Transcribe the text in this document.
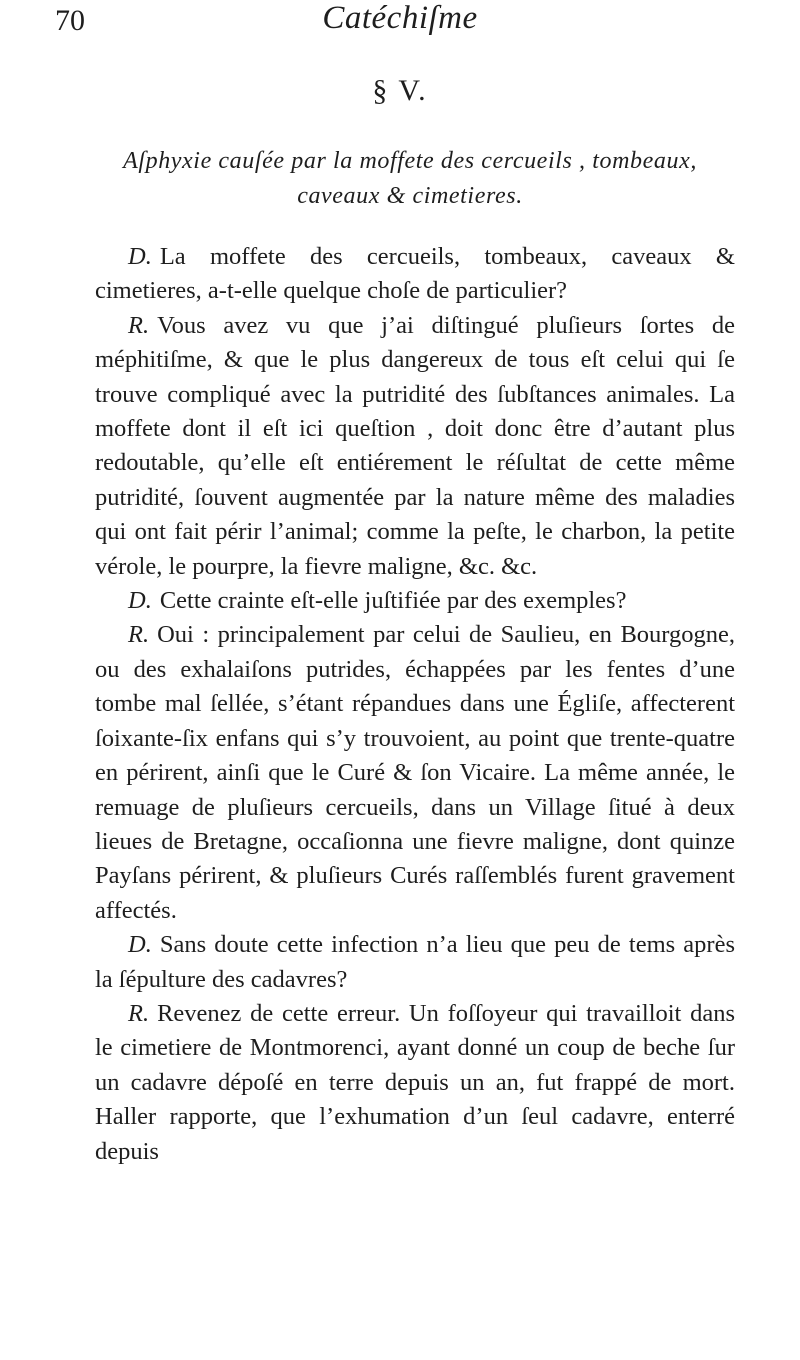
70	Catéchiſme
§ V.
Aſphyxie cauſée par la moffete des cercueils , tombeaux, caveaux & cimetieres.

D. La moffete des cercueils, tombeaux, caveaux & cimetieres, a-t-elle quelque choſe de particulier?

R. Vous avez vu que j’ai diſtingué pluſieurs ſortes de méphitiſme, & que le plus dangereux de tous eſt celui qui ſe trouve compliqué avec la putridité des ſubſtances animales. La moffete dont il eſt ici queſtion , doit donc être d’autant plus redoutable, qu’elle eſt entiérement le réſultat de cette même putridité, ſouvent augmentée par la nature même des maladies qui ont fait périr l’animal; comme la peſte, le charbon, la petite vérole, le pourpre, la fievre maligne, &c. &c.

D. Cette crainte eſt-elle juſtifiée par des exemples?

R. Oui : principalement par celui de Saulieu, en Bourgogne, ou des exhalaiſons putrides, échappées par les fentes d’une tombe mal ſellée, s’étant répandues dans une Égliſe, affecterent ſoixante-ſix enfans qui s’y trouvoient, au point que trente-quatre en périrent, ainſi que le Curé & ſon Vicaire. La même année, le remuage de pluſieurs cercueils, dans un Village ſitué à deux lieues de Bretagne, occaſionna une fievre maligne, dont quinze Payſans périrent, & pluſieurs Curés raſſemblés furent gravement affectés.

D. Sans doute cette infection n’a lieu que peu de tems après la ſépulture des cadavres?

R. Revenez de cette erreur. Un foſſoyeur qui travailloit dans le cimetiere de Montmorenci, ayant donné un coup de beche ſur un cadavre dépoſé en terre depuis un an, fut frappé de mort. Haller rapporte, que l’exhumation d’un ſeul cadavre, enterré depuis
